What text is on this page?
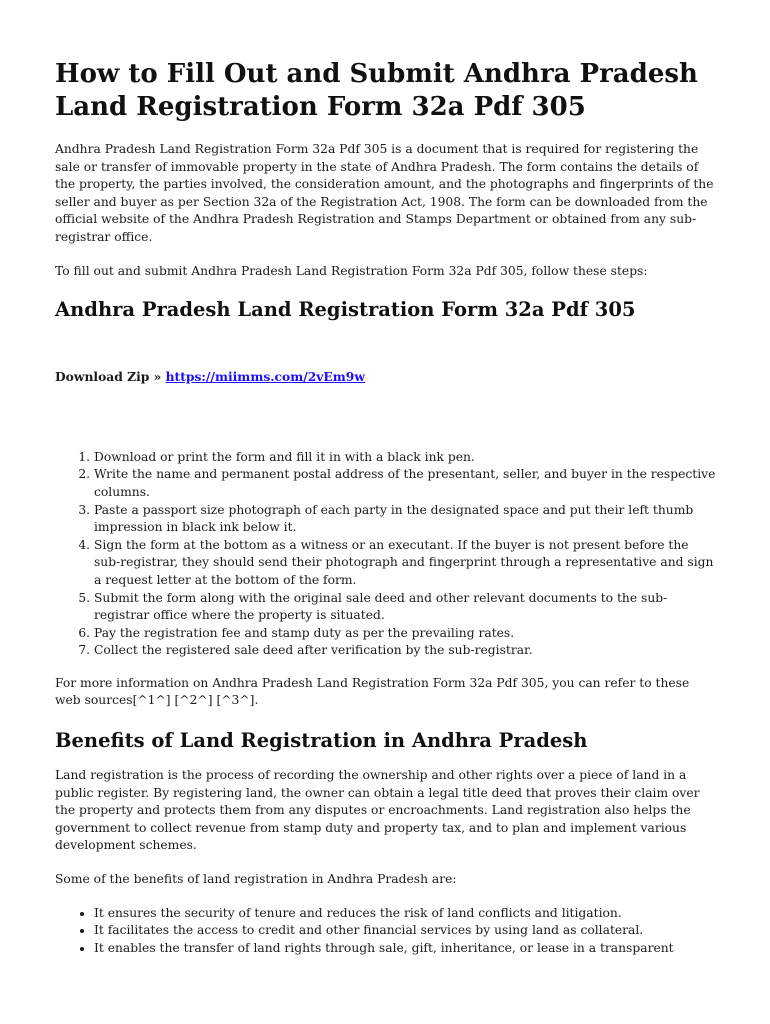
How to Fill Out and Submit Andhra Pradesh Land Registration Form 32a Pdf 305

Andhra Pradesh Land Registration Form 32a Pdf 305 is a document that is required for registering the sale or transfer of immovable property in the state of Andhra Pradesh. The form contains the details of the property, the parties involved, the consideration amount, and the photographs and fingerprints of the seller and buyer as per Section 32a of the Registration Act, 1908. The form can be downloaded from the official website of the Andhra Pradesh Registration and Stamps Department or obtained from any sub-registrar office.

To fill out and submit Andhra Pradesh Land Registration Form 32a Pdf 305, follow these steps:

Andhra Pradesh Land Registration Form 32a Pdf 305
Download Zip » https://miimms.com/2vEm9w
1. Download or print the form and fill it in with a black ink pen.
2. Write the name and permanent postal address of the presentant, seller, and buyer in the respective columns.
3. Paste a passport size photograph of each party in the designated space and put their left thumb impression in black ink below it.
4. Sign the form at the bottom as a witness or an executant. If the buyer is not present before the sub-registrar, they should send their photograph and fingerprint through a representative and sign a request letter at the bottom of the form.
5. Submit the form along with the original sale deed and other relevant documents to the sub-registrar office where the property is situated.
6. Pay the registration fee and stamp duty as per the prevailing rates.
7. Collect the registered sale deed after verification by the sub-registrar.

For more information on Andhra Pradesh Land Registration Form 32a Pdf 305, you can refer to these web sources[^1^] [^2^] [^3^].

Benefits of Land Registration in Andhra Pradesh

Land registration is the process of recording the ownership and other rights over a piece of land in a public register. By registering land, the owner can obtain a legal title deed that proves their claim over the property and protects them from any disputes or encroachments. Land registration also helps the government to collect revenue from stamp duty and property tax, and to plan and implement various development schemes.

Some of the benefits of land registration in Andhra Pradesh are:

• It ensures the security of tenure and reduces the risk of land conflicts and litigation.
• It facilitates the access to credit and other financial services by using land as collateral.
• It enables the transfer of land rights through sale, gift, inheritance, or lease in a transparent
